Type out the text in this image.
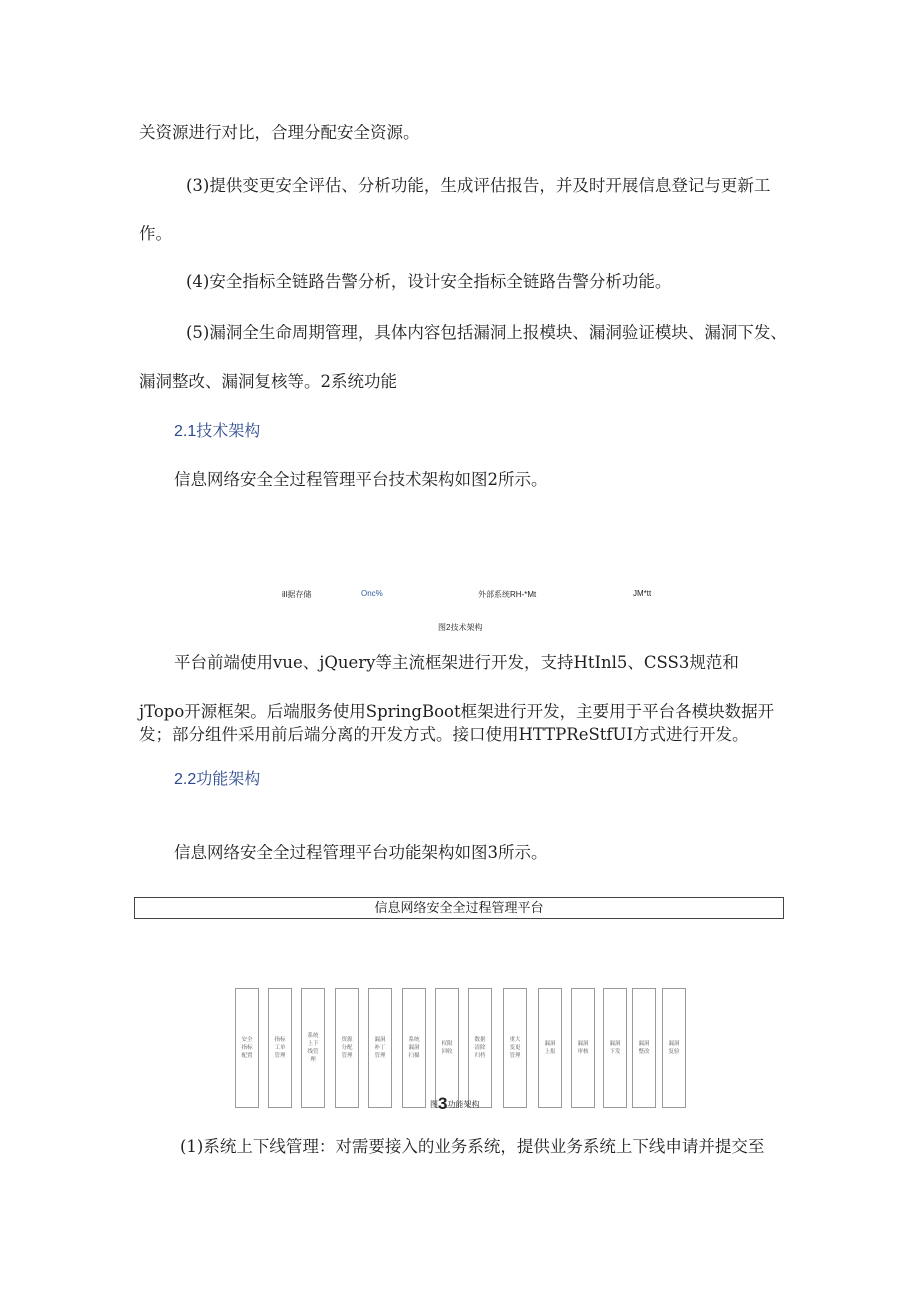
关资源进行对比，合理分配安全资源。
(3)提供变更安全评估、分析功能，生成评估报告，并及时开展信息登记与更新工
作。
(4)安全指标全链路告警分析，设计安全指标全链路告警分析功能。
(5)漏洞全生命周期管理，具体内容包括漏洞上报模块、漏洞验证模块、漏洞下发、
漏洞整改、漏洞复核等。2系统功能
2.1技术架构
信息网络安全全过程管理平台技术架构如图2所示。
ill据存储	Onc%	外部系统RH-*Mt	JM*tt
图2技术架构
平台前端使用vue、jQuery等主流框架进行开发，支持HtInl5、CSS3规范和
jTopo开源框架。后端服务使用SpringBoot框架进行开发，主要用于平台各模块数据开
发；部分组件采用前后端分离的开发方式。接口使用HTTPReStfUI方式进行开发。
2.2功能架构
信息网络安全全过程管理平台功能架构如图3所示。
信息网络安全全过程管理平台
安全指标配置
指标工单管理
系统上下线管理
资源分配管理
漏洞补丁管理
系统漏洞扫描
权限回收
数据清除归档
重大变更管理
漏洞上报
漏洞审核
漏洞下发
漏洞整改
漏洞复验
图3功能架构
(1)系统上下线管理：对需要接入的业务系统，提供业务系统上下线申请并提交至
